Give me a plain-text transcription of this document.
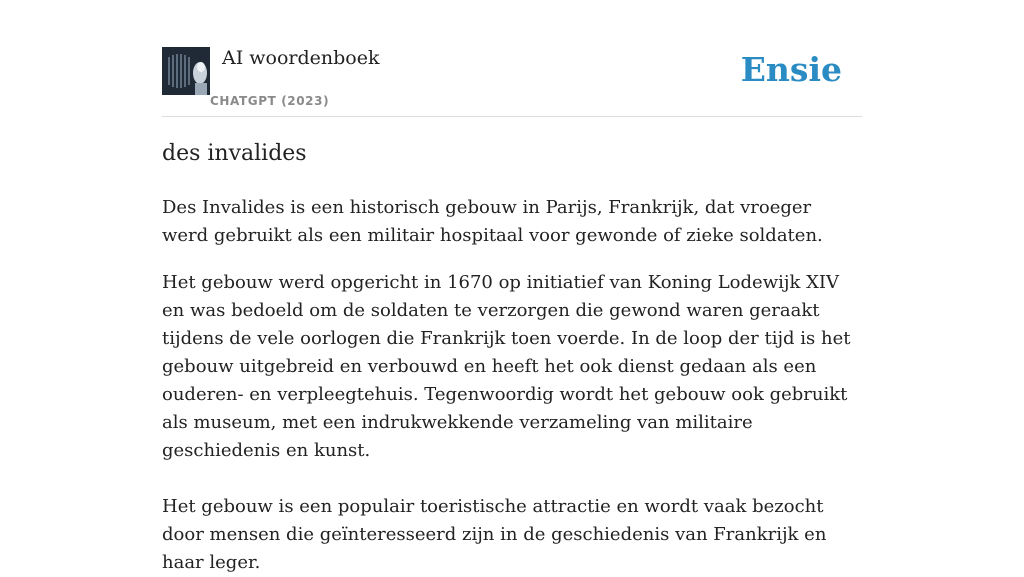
AI woordenboek
CHATGPT (2023)
Ensie
des invalides

Des Invalides is een historisch gebouw in Parijs, Frankrijk, dat vroeger werd gebruikt als een militair hospitaal voor gewonde of zieke soldaten.

Het gebouw werd opgericht in 1670 op initiatief van Koning Lodewijk XIV en was bedoeld om de soldaten te verzorgen die gewond waren geraakt tijdens de vele oorlogen die Frankrijk toen voerde. In de loop der tijd is het gebouw uitgebreid en verbouwd en heeft het ook dienst gedaan als een ouderen- en verpleegtehuis. Tegenwoordig wordt het gebouw ook gebruikt als museum, met een indrukwekkende verzameling van militaire geschiedenis en kunst.

Het gebouw is een populair toeristische attractie en wordt vaak bezocht door mensen die geïnteresseerd zijn in de geschiedenis van Frankrijk en haar leger.
